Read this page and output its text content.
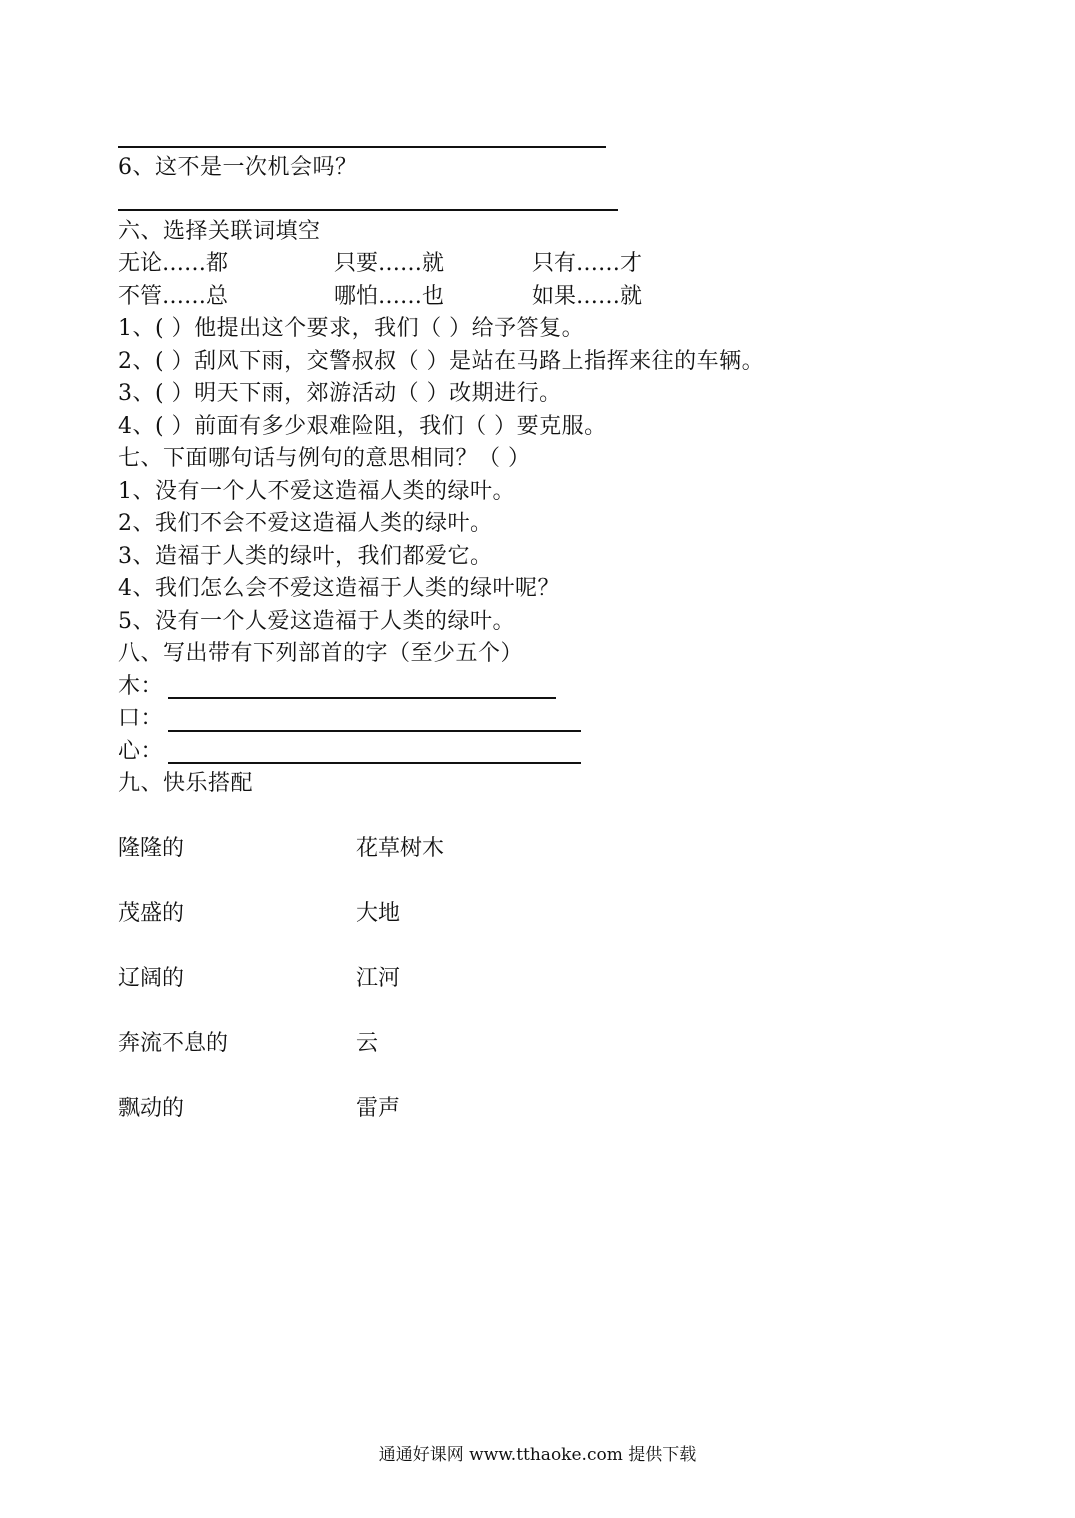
6、这不是一次机会吗？
六、选择关联词填空
无论……都	只要……就	只有……才
不管……总	哪怕……也	如果……就
1、( ）他提出这个要求，我们（ ）给予答复。
2、( ）刮风下雨，交警叔叔（ ）是站在马路上指挥来往的车辆。
3、( ）明天下雨，郊游活动（ ）改期进行。
4、( ）前面有多少艰难险阻，我们（ ）要克服。
七、下面哪句话与例句的意思相同？（ ）
1、没有一个人不爱这造福人类的绿叶。
2、我们不会不爱这造福人类的绿叶。
3、造福于人类的绿叶，我们都爱它。
4、我们怎么会不爱这造福于人类的绿叶呢？
5、没有一个人爱这造福于人类的绿叶。
八、写出带有下列部首的字（至少五个）
木：
口：
心：
九、快乐搭配
隆隆的	花草树木
茂盛的	大地
辽阔的	江河
奔流不息的	云
飘动的	雷声
通通好课网 www.tthaoke.com 提供下载
